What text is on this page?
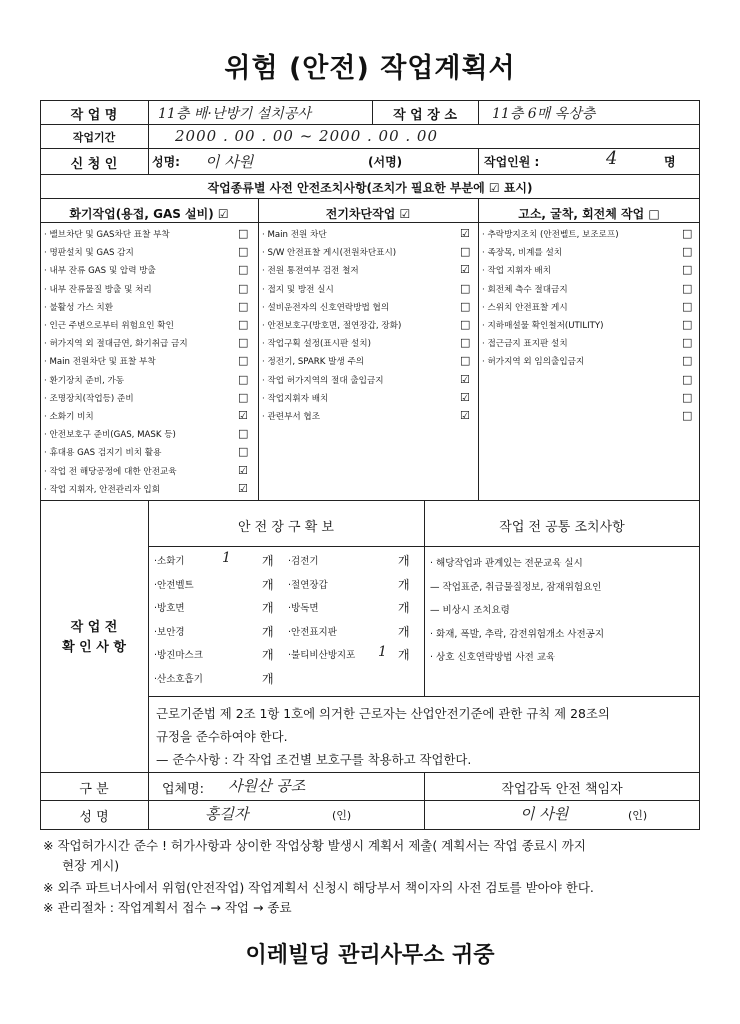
위험 (안전) 작업계획서
작 업 명	11층 배·난방기 설치공사	작 업 장 소	11층 6매 옥상층
작업기간	2000 . 00 . 00 ~ 2000 . 00 . 00
신 청 인	성명: 이 사원	(서명)	작업인원 :	4	명
작업종류별 사전 안전조치사항(조치가 필요한 부분에 ☑ 표시)
화기작업(용접, GAS 설비) ☑	전기차단작업 ☑	고소, 굴착, 회전체 작업 □
· 밸브차단 및 GAS차단 표찰 부착	□
· 명판설치 및 GAS 감지	□
· 내부 잔류 GAS 및 압력 방출	□
· 내부 잔류물질 방출 및 처리	□
· 불활성 가스 치환	□
· 인근 주변으로부터 위험요인 확인	□
· 허가지역 외 절대금연, 화기취급 금지	□
· Main 전원차단 및 표찰 부착	□
· 환기장치 준비, 가동	□
· 조명장치(작업등) 준비	□
· 소화기 비치	☑
· 안전보호구 준비(GAS, MASK 등)	□
· 휴대용 GAS 검지기 비치 활용	□
· 작업 전 해당공정에 대한 안전교육	☑
· 작업 지휘자, 안전관리자 입회	☑
· Main 전원 차단	☑
· S/W 안전표찰 게시(전원차단표시)	□
· 전원 통전여부 검전 철저	☑
· 접지 및 방전 실시	□
· 설비운전자의 신호연락방법 협의	□
· 안전보호구(방호면, 절연장갑, 장화)	□
· 작업구획 설정(표시판 설치)	□
· 정전기, SPARK 발생 주의	□
· 작업 허가지역의 절대 출입금지	☑
· 작업지휘자 배치	☑
· 관련부서 협조	☑
· 추락방지조치 (안전벨트, 보조로프)	□
· 족장목, 비계를 설치	□
· 작업 지휘자 배치	□
· 회전체 측수 절대금지	□
· 스위치 안전표찰 게시	□
· 지하매설물 확인철저(UTILITY)	□
· 접근금지 표지판 설치	□
· 허가지역 외 임의출입금지	□
□
□
□
작 업 전
확 인 사 항
안 전 장 구 확 보	작업 전 공통 조치사항
·소화기	1	개
·안전벨트	개
·방호면	개
·보안경	개
·방진마스크	개
·산소호흡기	개
·검전기	개
·절연장갑	개
·방독면	개
·안전표지판	개
·불티비산방지포 1 개
· 해당작업과 관계있는 전문교육 실시
— 작업표준, 취급물질정보, 잠재위험요인
— 비상시 조치요령
· 화재, 폭발, 추락, 감전위험개소 사전공지
· 상호 신호연락방법 사전 교육
근로기준법 제 2조 1항 1호에 의거한 근로자는 산업안전기준에 관한 규칙 제 28조의
규정을 준수하여야 한다.
— 준수사항 : 각 작업 조건별 보호구를 착용하고 작업한다.
구 분	업체명: 사원산 공조	작업감독 안전 책임자
성 명	홍길자	(인)	이 사원	(인)
※ 작업허가시간 준수 ! 허가사항과 상이한 작업상황 발생시 계획서 제출( 계획서는 작업 종료시 까지
현장 게시)
※ 외주 파트너사에서 위험(안전작업) 작업계획서 신청시 해당부서 책이자의 사전 검토를 받아야 한다.
※ 관리절차 : 작업계획서 접수 → 작업 → 종료
이레빌딩 관리사무소 귀중
